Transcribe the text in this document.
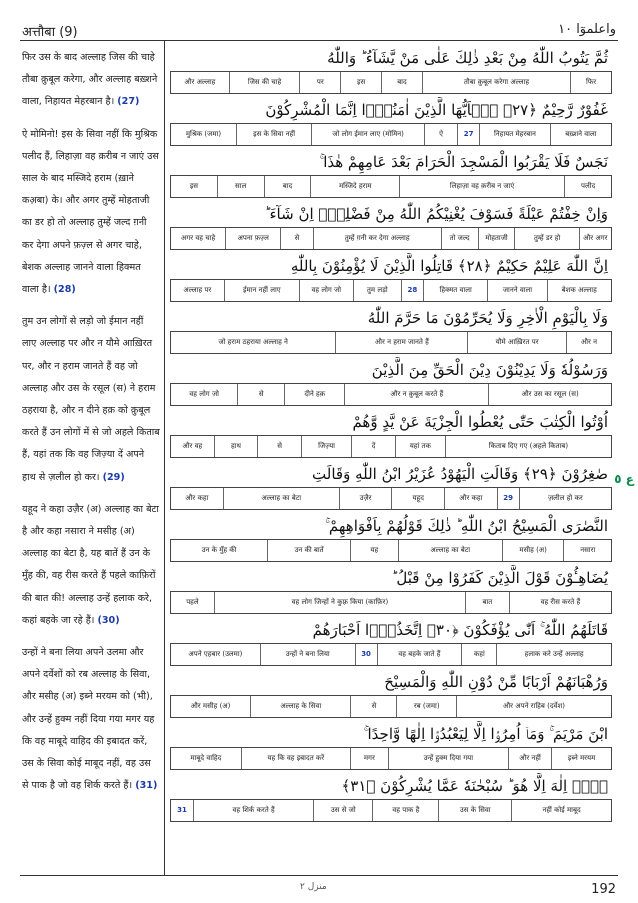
अत्तौबा (9)	واعلموٓا ١٠
फिर उस के बाद अल्लाह जिस की चाहे तौबा क़ुबूल करेगा, और अल्लाह बख़्शने वाला, निहायत मेहरबान है। (27)
ऐ मोमिनो! इस के सिवा नहीं कि मुश्रिक पलीद हैं, लिहाज़ा वह क़रीब न जाएं उस साल के बाद मस्जिदे हराम (ख़ाने कअ़बा) के। और अगर तुम्हें मोहताजी का डर हो तो अल्लाह तुम्हें जल्द ग़नी कर देगा अपने फ़ज़्ल से अगर चाहे, बेशक अल्लाह जानने वाला हिक्मत वाला है। (28)
तुम उन लोगों से लड़ो जो ईमान नहीं लाए अल्लाह पर और न यौमे आख़िरत पर, और न हराम जानते हैं वह जो अल्लाह और उस के रसूल (स) ने हराम ठहराया है, और न दीने हक़ को क़ुबूल करते हैं उन लोगों में से जो अहले किताब हैं, यहां तक कि वह जिज़्या दें अपने हाथ से ज़लील हो कर। (29)
यहूद ने कहा उज़ैर (अ) अल्लाह का बेटा है और कहा नसारा ने मसीह (अ) अल्लाह का बेटा है, यह बातें हैं उन के मुँह की, वह रीस करते हैं पहले काफ़िरों की बात की! अल्लाह उन्हें हलाक करे, कहां बहके जा रहे हैं। (30)
उन्हों ने बना लिया अपने उलमा और अपने दर्वेशों को रब अल्लाह के सिवा, और मसीह (अ) इब्ने मरयम को (भी), और उन्हें हुक्म नहीं दिया गया मगर यह कि वह माबूदे वाहिद की इबादत करें, उस के सिवा कोई माबूद नहीं, वह उस से पाक है जो वह शिर्क करते हैं। (31)
ثُمَّ يَتُوبُ اللّٰهُ مِنْ بَعْدِ ذٰلِكَ عَلٰى مَنْ يَّشَآءُ ؕ وَاللّٰهُ
फिर
तौबा क़ुबूल करेगा अल्लाह
बाद
इस
पर
जिस की चाहे
और अल्लाह
غَفُوْرٌ رَّحِيْمٌ ﴿٢٧﴾ يٰۤاَيُّهَا الَّذِيْنَ اٰمَنُوْۤا اِنَّمَا الْمُشْرِكُوْنَ
बख़्शने वाला
निहायत मेहरबान
27
ऐ
जो लोग ईमान लाए (मोमिन)
इस के सिवा नहीं
मुश्रिक (जमा)
نَجَسٌ فَلَا يَقْرَبُوا الْمَسْجِدَ الْحَرَامَ بَعْدَ عَامِهِمْ هٰذَا ۚ
पलीद
लिहाज़ा वह क़रीब न जाएं
मस्जिदे हराम
बाद
साल
इस
وَاِنْ خِفْتُمْ عَيْلَةً فَسَوْفَ يُغْنِيْكُمُ اللّٰهُ مِنْ فَضْلِهٖۤ اِنْ شَآءَ ؕ
और अगर
तुम्हें डर हो
मोहताजी
तो जल्द
तुम्हें ग़नी कर देगा अल्लाह
से
अपना फ़ज़्ल
अगर वह चाहे
اِنَّ اللّٰهَ عَلِيْمٌ حَكِيْمٌ ﴿٢٨﴾ قَاتِلُوا الَّذِيْنَ لَا يُؤْمِنُوْنَ بِاللّٰهِ
बेशक अल्लाह
जानने वाला
हिक्मत वाला
28
तुम लड़ो
वह लोग जो
ईमान नहीं लाए
अल्लाह पर
وَلَا بِالْيَوْمِ الْاٰخِرِ وَلَا يُحَرِّمُوْنَ مَا حَرَّمَ اللّٰهُ
और न
यौमे आख़िरत पर
और न हराम जानते हैं
जो हराम ठहराया अल्लाह ने
وَرَسُوْلُهٗ وَلَا يَدِيْنُوْنَ دِيْنَ الْحَقِّ مِنَ الَّذِيْنَ
और उस का रसूल (स)
और न क़ुबूल करते हैं
दीने हक़
से
वह लोग जो
اُوْتُوا الْكِتٰبَ حَتّٰى يُعْطُوا الْجِزْيَةَ عَنْ يَّدٍ وَّهُمْ
किताब दिए गए (अहले किताब)
यहां तक
दें
जिज़्या
से
हाथ
और वह
صٰغِرُوْنَ ﴿٢٩﴾ وَقَالَتِ الْيَهُوْدُ عُزَيْرُ ابْنُ اللّٰهِ وَقَالَتِ
ज़लील हो कर
29
और कहा
यहूद
उज़ैर
अल्लाह का बेटा
और कहा
النَّصٰرَى الْمَسِيْحُ ابْنُ اللّٰهِ ؕ ذٰلِكَ قَوْلُهُمْ بِاَفْوَاهِهِمْ ۚ
नसारा
मसीह (अ)
अल्लाह का बेटा
यह
उन की बातें
उन के मुँह की
يُضَاهِـُٔوْنَ قَوْلَ الَّذِيْنَ كَفَرُوْا مِنْ قَبْلُ ؕ
वह रीस करते हैं
बात
वह लोग जिन्हों ने कुफ़्र किया (काफ़िर)
पहले
قَاتَلَهُمُ اللّٰهُ ۚ اَنّٰى يُؤْفَكُوْنَ ﴿٣٠﴾ اِتَّخَذُوْۤا اَحْبَارَهُمْ
हलाक करे उन्हें अल्लाह
कहां
वह बहके जाते हैं
30
उन्हों ने बना लिया
अपने एहबार (उलमा)
وَرُهْبَانَهُمْ اَرْبَابًا مِّنْ دُوْنِ اللّٰهِ وَالْمَسِيْحَ
और अपने राहिब (दर्वेश)
रब (जमा)
से
अल्लाह के सिवा
और मसीह (अ)
ابْنَ مَرْيَمَ ۚ وَمَاۤ اُمِرُوْۤا اِلَّا لِيَعْبُدُوْۤا اِلٰهًا وَّاحِدًا ۚ
इब्ने मरयम
और नहीं
उन्हें हुक्म दिया गया
मगर
यह कि वह इबादत करें
माबूदे वाहिद
لَاۤ اِلٰهَ اِلَّا هُوَ ؕ سُبْحٰنَهٗ عَمَّا يُشْرِكُوْنَ ﴿٣١﴾
नहीं कोई माबूद
उस के सिवा
वह पाक है
उस से जो
वह शिर्क करते हैं
31
ع ٥
منزل ٢	192
